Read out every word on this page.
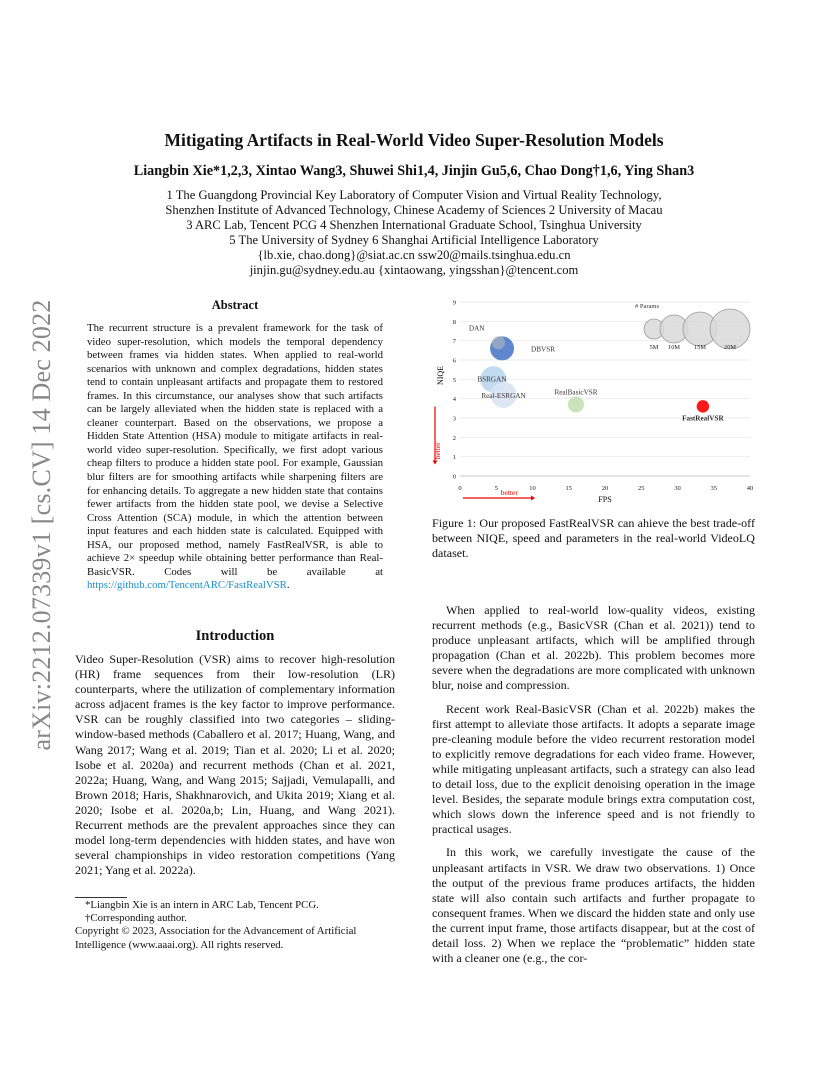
arXiv:2212.07339v1 [cs.CV] 14 Dec 2022
Mitigating Artifacts in Real-World Video Super-Resolution Models
Liangbin Xie*1,2,3, Xintao Wang3, Shuwei Shi1,4, Jinjin Gu5,6, Chao Dong†1,6, Ying Shan3
1 The Guangdong Provincial Key Laboratory of Computer Vision and Virtual Reality Technology,
Shenzhen Institute of Advanced Technology, Chinese Academy of Sciences 2 University of Macau
3 ARC Lab, Tencent PCG 4 Shenzhen International Graduate School, Tsinghua University
5 The University of Sydney 6 Shanghai Artificial Intelligence Laboratory
{lb.xie, chao.dong}@siat.ac.cn ssw20@mails.tsinghua.edu.cn
jinjin.gu@sydney.edu.au {xintaowang, yingsshan}@tencent.com
Abstract
The recurrent structure is a prevalent framework for the task of video super-resolution, which models the temporal dependency between frames via hidden states. When applied to real-world scenarios with unknown and complex degradations, hidden states tend to contain unpleasant artifacts and propagate them to restored frames. In this circumstance, our analyses show that such artifacts can be largely alleviated when the hidden state is replaced with a cleaner counterpart. Based on the observations, we propose a Hidden State Attention (HSA) module to mitigate artifacts in real-world video super-resolution. Specifically, we first adopt various cheap filters to produce a hidden state pool. For example, Gaussian blur filters are for smoothing artifacts while sharpening filters are for enhancing details. To aggregate a new hidden state that contains fewer artifacts from the hidden state pool, we devise a Selective Cross Attention (SCA) module, in which the attention between input features and each hidden state is calculated. Equipped with HSA, our proposed method, namely FastRealVSR, is able to achieve 2× speedup while obtaining better performance than Real-BasicVSR. Codes will be available at https://github.com/TencentARC/FastRealVSR.
Introduction

Video Super-Resolution (VSR) aims to recover high-resolution (HR) frame sequences from their low-resolution (LR) counterparts, where the utilization of complementary information across adjacent frames is the key factor to improve performance. VSR can be roughly classified into two categories – sliding-window-based methods (Caballero et al. 2017; Huang, Wang, and Wang 2017; Wang et al. 2019; Tian et al. 2020; Li et al. 2020; Isobe et al. 2020a) and recurrent methods (Chan et al. 2021, 2022a; Huang, Wang, and Wang 2015; Sajjadi, Vemulapalli, and Brown 2018; Haris, Shakhnarovich, and Ukita 2019; Xiang et al. 2020; Isobe et al. 2020a,b; Lin, Huang, and Wang 2021). Recurrent methods are the prevalent approaches since they can model long-term dependencies with hidden states, and have won several championships in video restoration competitions (Yang 2021; Yang et al. 2022a).

*Liangbin Xie is an intern in ARC Lab, Tencent PCG.
†Corresponding author.
Copyright © 2023, Association for the Advancement of Artificial Intelligence (www.aaai.org). All rights reserved.
0
1
2
3
4
5
6
7
8
9
0	5	10	15	20	25	30	35	40
FPS
NIQE
better
better
DAN
DBVSR
BSRGAN
Real-ESRGAN	RealBasicVSR
FastRealVSR
# Params
5M 10M 15M	20M
Figure 1: Our proposed FastRealVSR can ahieve the best trade-off between NIQE, speed and parameters in the real-world VideoLQ dataset.

When applied to real-world low-quality videos, existing recurrent methods (e.g., BasicVSR (Chan et al. 2021)) tend to produce unpleasant artifacts, which will be amplified through propagation (Chan et al. 2022b). This problem becomes more severe when the degradations are more complicated with unknown blur, noise and compression.

Recent work Real-BasicVSR (Chan et al. 2022b) makes the first attempt to alleviate those artifacts. It adopts a separate image pre-cleaning module before the video recurrent restoration model to explicitly remove degradations for each video frame. However, while mitigating unpleasant artifacts, such a strategy can also lead to detail loss, due to the explicit denoising operation in the image level. Besides, the separate module brings extra computation cost, which slows down the inference speed and is not friendly to practical usages.

In this work, we carefully investigate the cause of the unpleasant artifacts in VSR. We draw two observations. 1) Once the output of the previous frame produces artifacts, the hidden state will also contain such artifacts and further propagate to consequent frames. When we discard the hidden state and only use the current input frame, those artifacts disappear, but at the cost of detail loss. 2) When we replace the “problematic” hidden state with a cleaner one (e.g., the cor-
